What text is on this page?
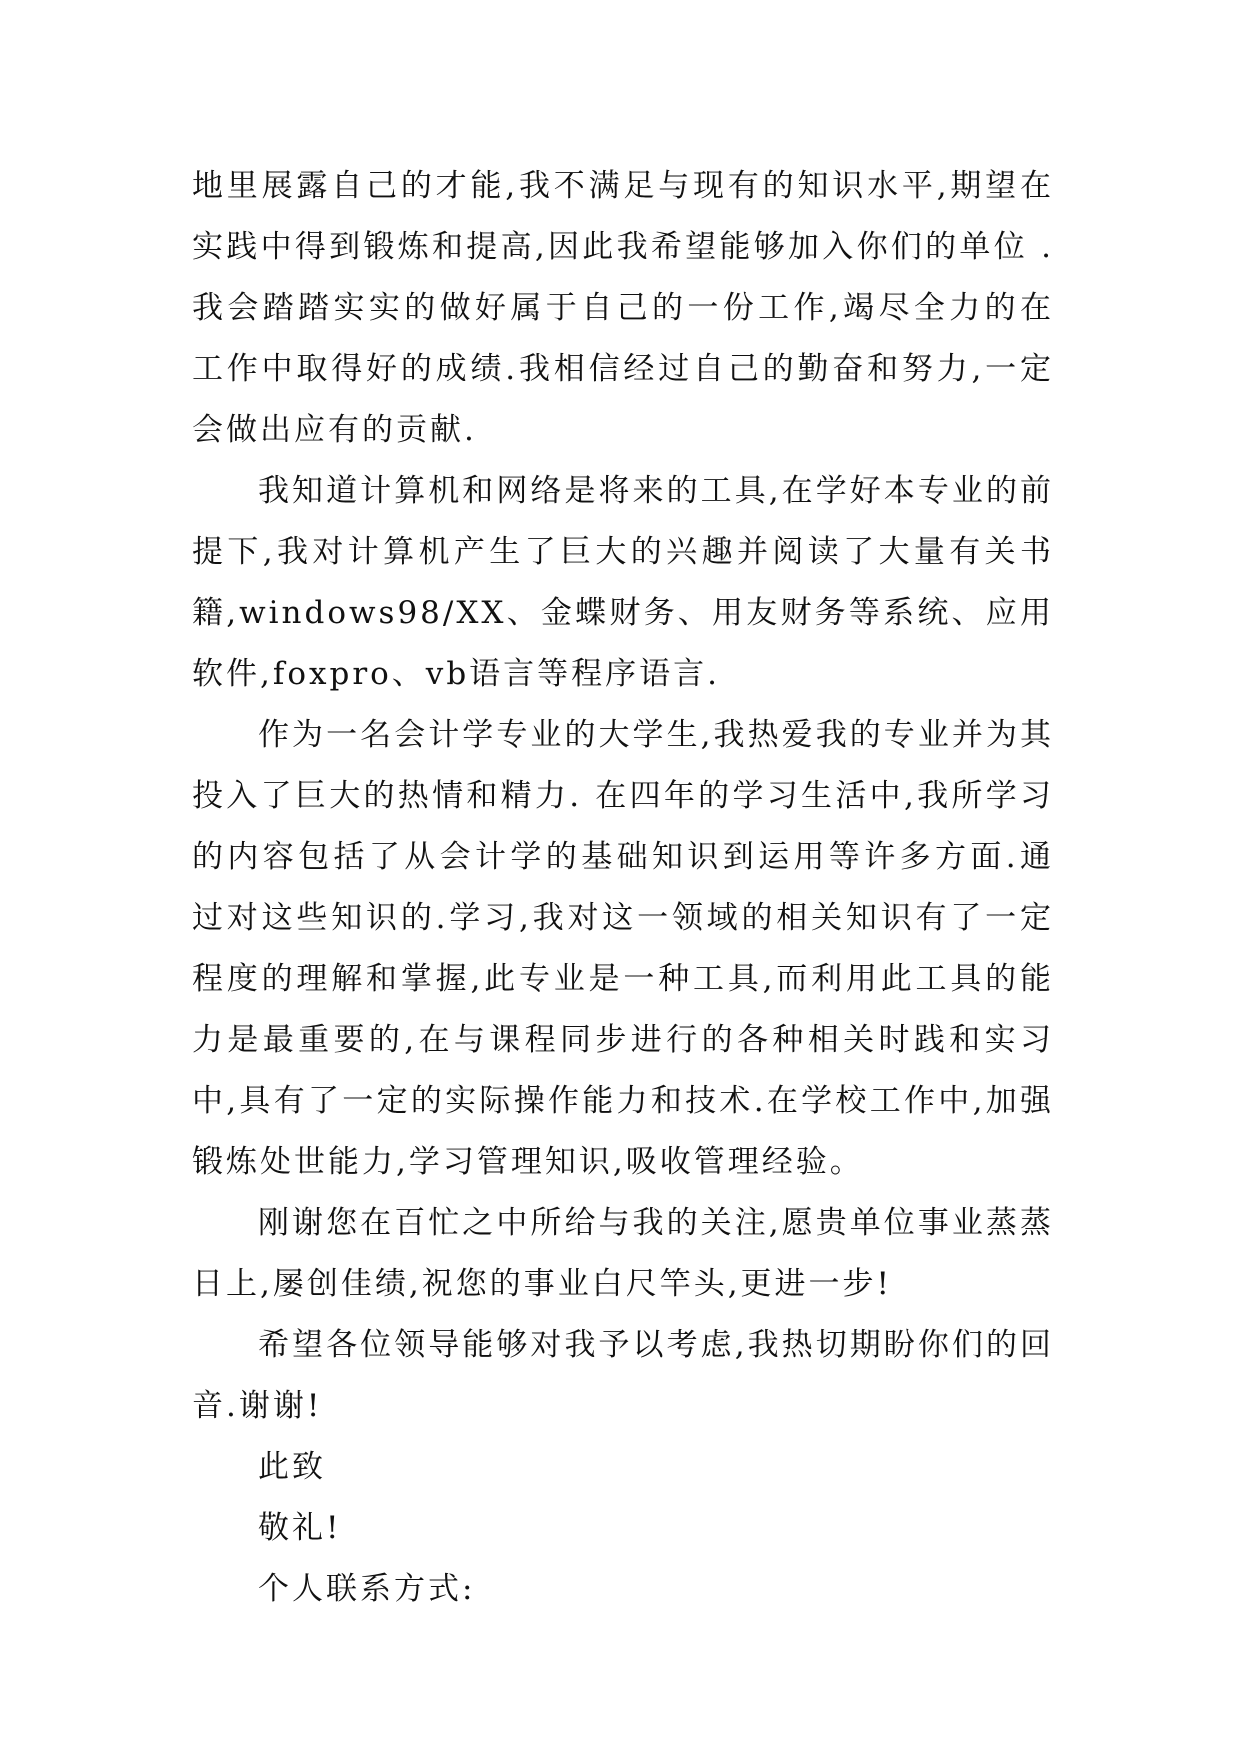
地里展露自己的才能,我不满足与现有的知识水平,期望在实践中得到锻炼和提高,因此我希望能够加入你们的单位 .我会踏踏实实的做好属于自己的一份工作,竭尽全力的在工作中取得好的成绩.我相信经过自己的勤奋和努力,一定会做出应有的贡献.

我知道计算机和网络是将来的工具,在学好本专业的前提下,我对计算机产生了巨大的兴趣并阅读了大量有关书籍,windows98/XX、金蝶财务、用友财务等系统、应用软件,foxpro、vb语言等程序语言.

作为一名会计学专业的大学生,我热爱我的专业并为其投入了巨大的热情和精力. 在四年的学习生活中,我所学习的内容包括了从会计学的基础知识到运用等许多方面.通过对这些知识的.学习,我对这一领域的相关知识有了一定程度的理解和掌握,此专业是一种工具,而利用此工具的能力是最重要的,在与课程同步进行的各种相关时践和实习中,具有了一定的实际操作能力和技术.在学校工作中,加强锻炼处世能力,学习管理知识,吸收管理经验。

刚谢您在百忙之中所给与我的关注,愿贵单位事业蒸蒸日上,屡创佳绩,祝您的事业白尺竿头,更进一步!

希望各位领导能够对我予以考虑,我热切期盼你们的回音.谢谢!

此致

敬礼!

个人联系方式:
